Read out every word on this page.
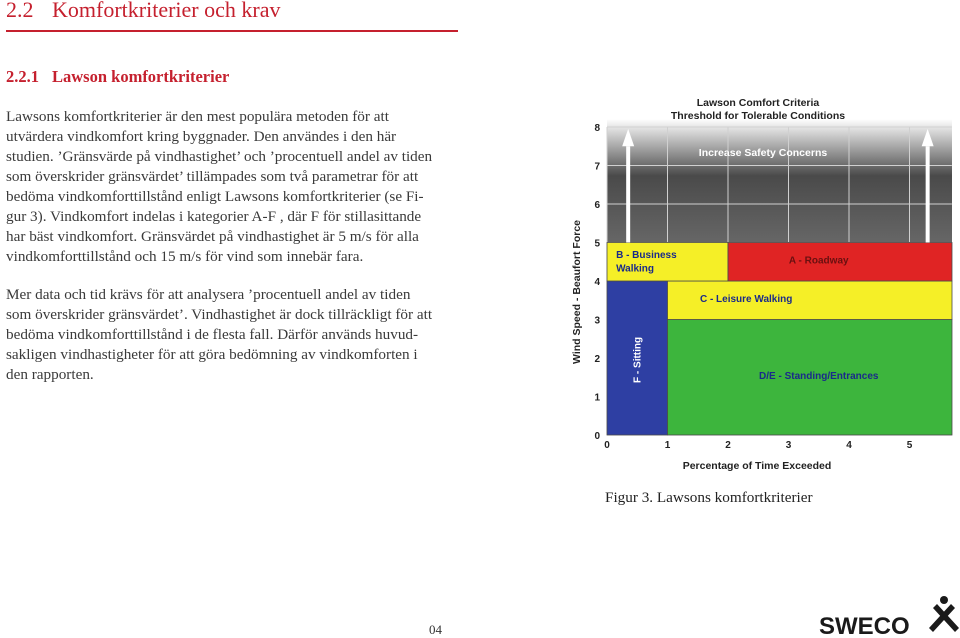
2.2 Komfortkriterier och krav
2.2.1 Lawson komfortkriterier
Lawsons komfortkriterier är den mest populära metoden för att
utvärdera vindkomfort kring byggnader. Den användes i den här
studien. ’Gränsvärde på vindhastighet’ och ’procentuell andel av tiden
som överskrider gränsvärdet’ tillämpades som två parametrar för att
bedöma vindkomforttillstånd enligt Lawsons komfortkriterier (se Fi-
gur 3). Vindkomfort indelas i kategorier A-F , där F för stillasittande
har bäst vindkomfort. Gränsvärdet på vindhastighet är 5 m/s för alla
vindkomforttillstånd och 15 m/s för vind som innebär fara.
Mer data och tid krävs för att analysera ’procentuell andel av tiden
som överskrider gränsvärdet’. Vindhastighet är dock tillräckligt för att
bedöma vindkomforttillstånd i de flesta fall. Därför används huvud-
sakligen vindhastigheter för att göra bedömning av vindkomforten i
den rapporten.
Lawson Comfort Criteria
Threshold for Tolerable Conditions
Increase Safety Concerns
Wind Speed - Beaufort Force
Percentage of Time Exceeded
0
1
2
3
4
5
6
7
8
0	1	2	3	4	5
B - Business
Walking
A - Roadway
C - Leisure Walking
D/E - Standing/Entrances
F - Sitting
Figur 3. Lawsons komfortkriterier
04	SWECO
